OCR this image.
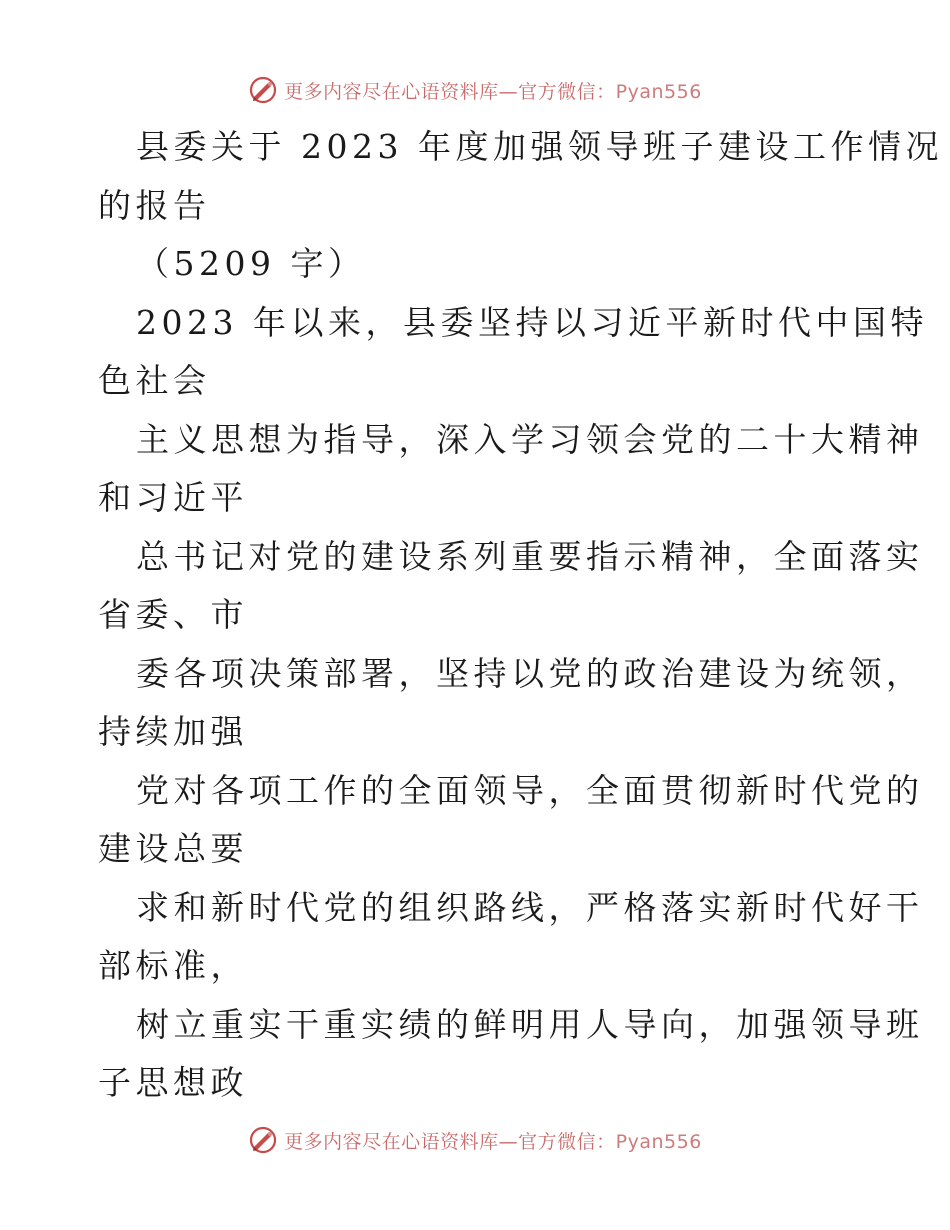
更多内容尽在心语资料库—官方微信：Pyan556
县委关于 2023 年度加强领导班子建设工作情况
的报告
（5209 字）
2023 年以来，县委坚持以习近平新时代中国特
色社会
主义思想为指导，深入学习领会党的二十大精神
和习近平
总书记对党的建设系列重要指示精神，全面落实
省委、市
委各项决策部署，坚持以党的政治建设为统领，
持续加强
党对各项工作的全面领导，全面贯彻新时代党的
建设总要
求和新时代党的组织路线，严格落实新时代好干
部标准，
树立重实干重实绩的鲜明用人导向，加强领导班
子思想政
更多内容尽在心语资料库—官方微信：Pyan556
